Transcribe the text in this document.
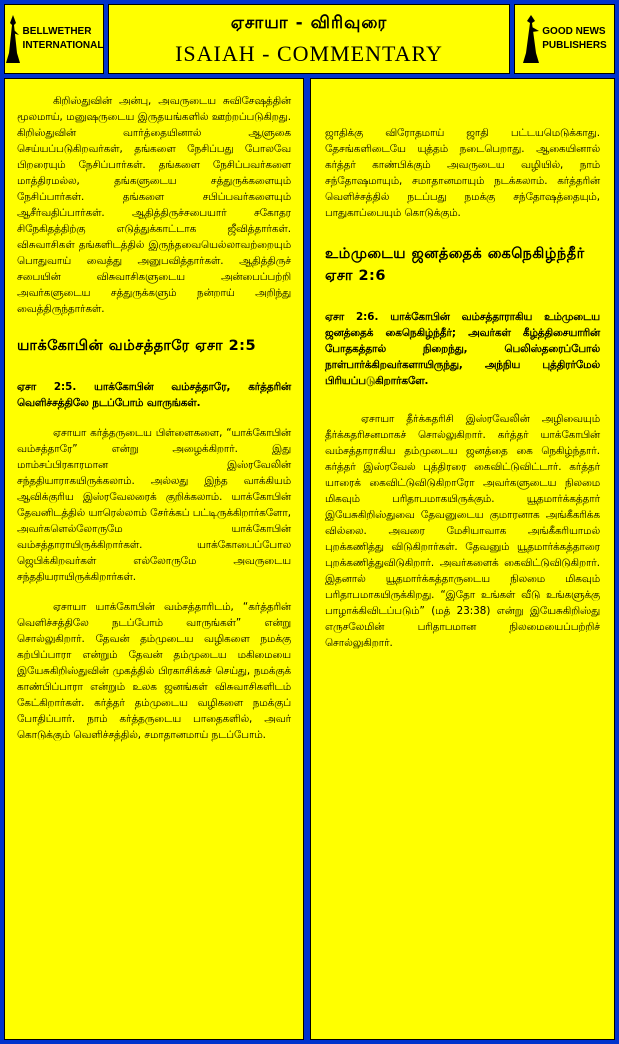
BELLWETHER
INTERNATIONAL
ஏசாயா - விரிவுரை
ISAIAH - COMMENTARY
GOOD NEWS
PUBLISHERS

கிறிஸ்துவின் அன்பு, அவருடைய சுவிசேஷத்தின் மூலமாய், மனுஷருடைய இருதயங்களில் ஊற்றப்படுகிறது. கிறிஸ்துவின் வார்த்தையினால் ஆளுகை செய்யப்படுகிறவர்கள், தங்களை நேசிப்பது போலவே பிறரையும் நேசிப்பார்கள். தங்களை நேசிப்பவர்களை மாத்திரமல்ல, தங்களுடைய சத்துருக்களையும் நேசிப்பார்கள். தங்களை சபிப்பவர்களையும் ஆசீர்வதிப்பார்கள். ஆதித்திருச்சபையார் சகோதர சிநேகிதத்திற்கு எடுத்துக்காட்டாக ஜீவித்தார்கள். விசுவாசிகள் தங்களிடத்தில் இருந்தவையெல்லாவற்றையும் பொதுவாய் வைத்து அனுபவித்தார்கள். ஆதித்திருச் சபையின் விசுவாசிகளுடைய அன்பைப்பற்றி அவர்களுடைய சத்துருக்களும் நன்றாய் அறிந்து வைத்திருந்தார்கள்.

யாக்கோபின் வம்சத்தாரே ஏசா 2:5

ஏசா 2:5. யாக்கோபின் வம்சத்தாரே, கர்த்தரின் வெளிச்சத்திலே நடப்போம் வாருங்கள்.

ஏசாயா கர்த்தருடைய பிள்ளைகளை, “யாக்கோபின் வம்சத்தாரே” என்று அழைக்கிறார். இது மாம்சப்பிரகாரமான இஸ்ரவேலின் சந்ததியாராகயிருக்கலாம். அல்லது இந்த வாக்கியம் ஆவிக்குரிய இஸ்ரவேலரைக் குறிக்கலாம். யாக்கோபின் தேவனிடத்தில் யாரெல்லாம் சேர்க்கப் பட்டிருக்கிறார்களோ, அவர்களெல்லோருமே யாக்கோபின் வம்சத்தாராயிருக்கிறார்கள். யாக்கோபைப்போல ஜெபிக்கிறவர்கள் எல்லோருமே அவருடைய சந்ததியராயிருக்கிறார்கள்.

ஏசாயா யாக்கோபின் வம்சத்தாரிடம், “கர்த்தரின் வெளிச்சத்திலே நடப்போம் வாருங்கள்” என்று சொல்லுகிறார். தேவன் தம்முடைய வழிகளை நமக்கு கற்பிப்பாரா என்றும் தேவன் தம்முடைய மகிமையை இயேசுகிறிஸ்துவின் முகத்தில் பிரகாசிக்கச் செய்து, நமக்குக் காண்பிப்பாரா என்றும் உலக ஜனங்கள் விசுவாசிகளிடம் கேட்கிறார்கள். கர்த்தர் தம்முடைய வழிகளை நமக்குப் போதிப்பார். நாம் கர்த்தருடைய பாதைகளில், அவர் கொடுக்கும் வெளிச்சத்தில், சமாதானமாய் நடப்போம்.

ஜாதிக்கு விரோதமாய் ஜாதி பட்டயமெடுக்காது. தேசங்களிடையே யுத்தம் நடைபெறாது. ஆகையினால் கர்த்தர் காண்பிக்கும் அவருடைய வழியில், நாம் சந்தோஷமாயும், சமாதானமாயும் நடக்கலாம். கர்த்தரின் வெளிச்சத்தில் நடப்பது நமக்கு சந்தோஷத்தையும், பாதுகாப்பையும் கொடுக்கும்.

உம்முடைய ஜனத்தைக் கைநெகிழ்ந்தீர் ஏசா 2:6

ஏசா 2:6. யாக்கோபின் வம்சத்தாராகிய உம்முடைய ஜனத்தைக் கைநெகிழ்ந்தீர்; அவர்கள் கீழ்த்திசையாரின் போதகத்தால் நிறைந்து, பெலிஸ்தரைப்போல் நாள்பார்க்கிறவர்களாயிருந்து, அந்நிய புத்திரர்மேல் பிரியப்படுகிறார்களே.

ஏசாயா தீர்க்கதரிசி இஸ்ரவேலின் அழிவையும் தீர்க்கதரிசனமாகச் சொல்லுகிறார். கர்த்தர் யாக்கோபின் வம்சத்தாராகிய தம்முடைய ஜனத்தை கை நெகிழ்ந்தார். கர்த்தர் இஸ்ரவேல் புத்திரரை கைவிட்டுவிட்டார். கர்த்தர் யாரைக் கைவிட்டுவிடுகிறாரோ அவர்களுடைய நிலமை மிகவும் பரிதாபமாகயிருக்கும். யூதமார்க்கத்தார் இயேசுகிறிஸ்துவை தேவனுடைய குமாரனாக அங்கீகரிக்க வில்லை. அவரை மேசியாவாக அங்கீகரியாமல் புறக்கணித்து விடுகிறார்கள். தேவனும் யூதமார்க்கத்தாரை புறக்கணித்துவிடுகிறார். அவர்களைக் கைவிட்டுவிடுகிறார். இதனால் யூதமார்க்கத்தாருடைய நிலமை மிகவும் பரிதாபமாகயிருக்கிறது. “இதோ உங்கள் வீடு உங்களுக்கு பாழாக்கிவிடப்படும்” (மத் 23:38) என்று இயேசுகிறிஸ்து எருசலேமின் பரிதாபமான நிலமையைப்பற்றிச் சொல்லுகிறார்.
